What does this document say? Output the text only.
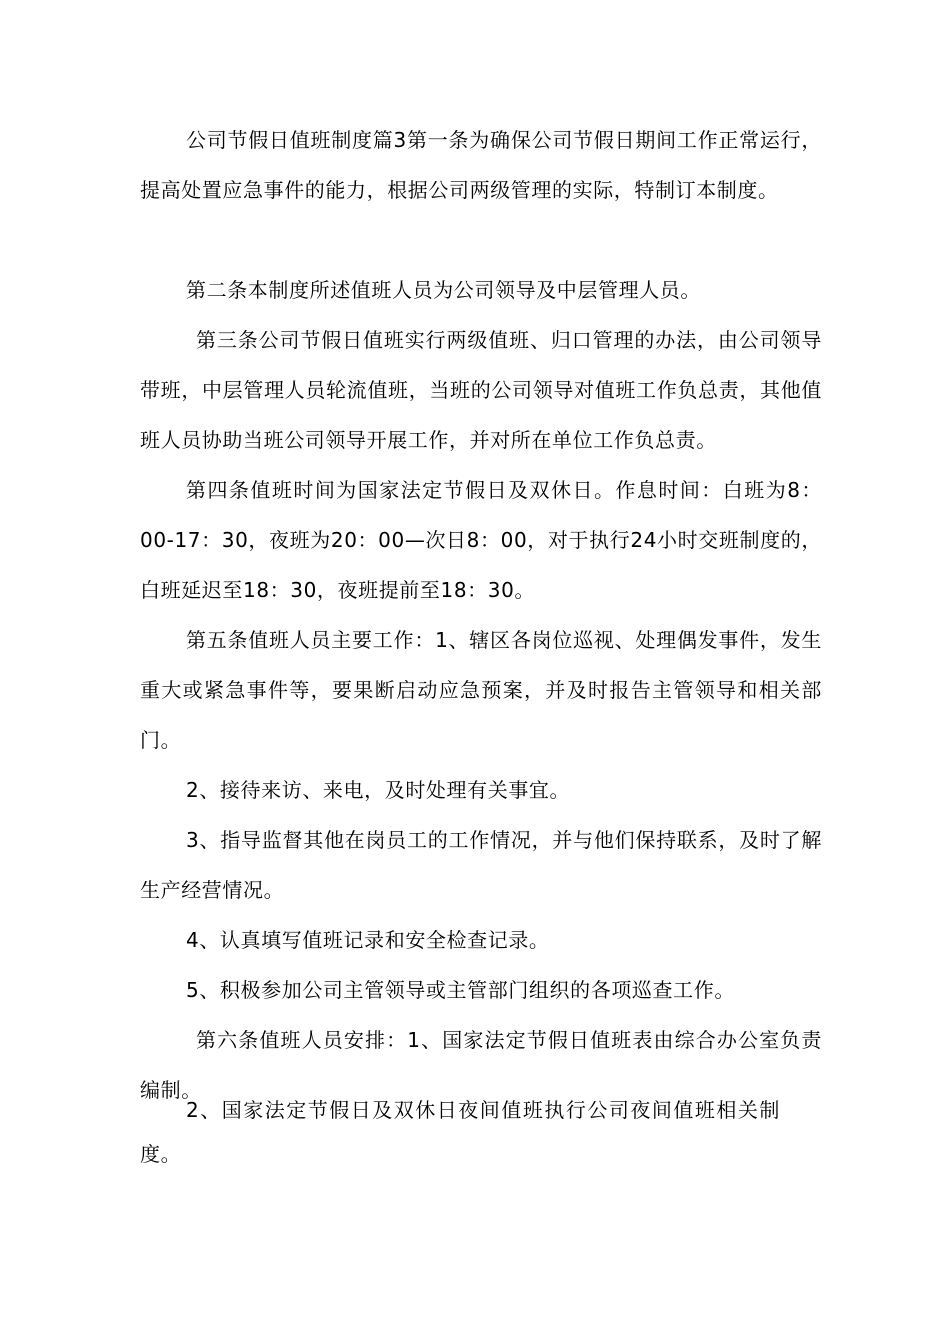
公司节假日值班制度篇3第一条为确保公司节假日期间工作正常运行，提高处置应急事件的能力，根据公司两级管理的实际，特制订本制度。

第二条本制度所述值班人员为公司领导及中层管理人员。

第三条公司节假日值班实行两级值班、归口管理的办法，由公司领导带班，中层管理人员轮流值班，当班的公司领导对值班工作负总责，其他值班人员协助当班公司领导开展工作，并对所在单位工作负总责。

第四条值班时间为国家法定节假日及双休日。作息时间：白班为8：00-17：30，夜班为20：00—次日8：00，对于执行24小时交班制度的，白班延迟至18：30，夜班提前至18：30。

第五条值班人员主要工作：1、辖区各岗位巡视、处理偶发事件，发生重大或紧急事件等，要果断启动应急预案，并及时报告主管领导和相关部门。

2、接待来访、来电，及时处理有关事宜。

3、指导监督其他在岗员工的工作情况，并与他们保持联系，及时了解生产经营情况。

4、认真填写值班记录和安全检查记录。

5、积极参加公司主管领导或主管部门组织的各项巡查工作。

第六条值班人员安排：1、国家法定节假日值班表由综合办公室负责编制。

2、国家法定节假日及双休日夜间值班执行公司夜间值班相关制度。
